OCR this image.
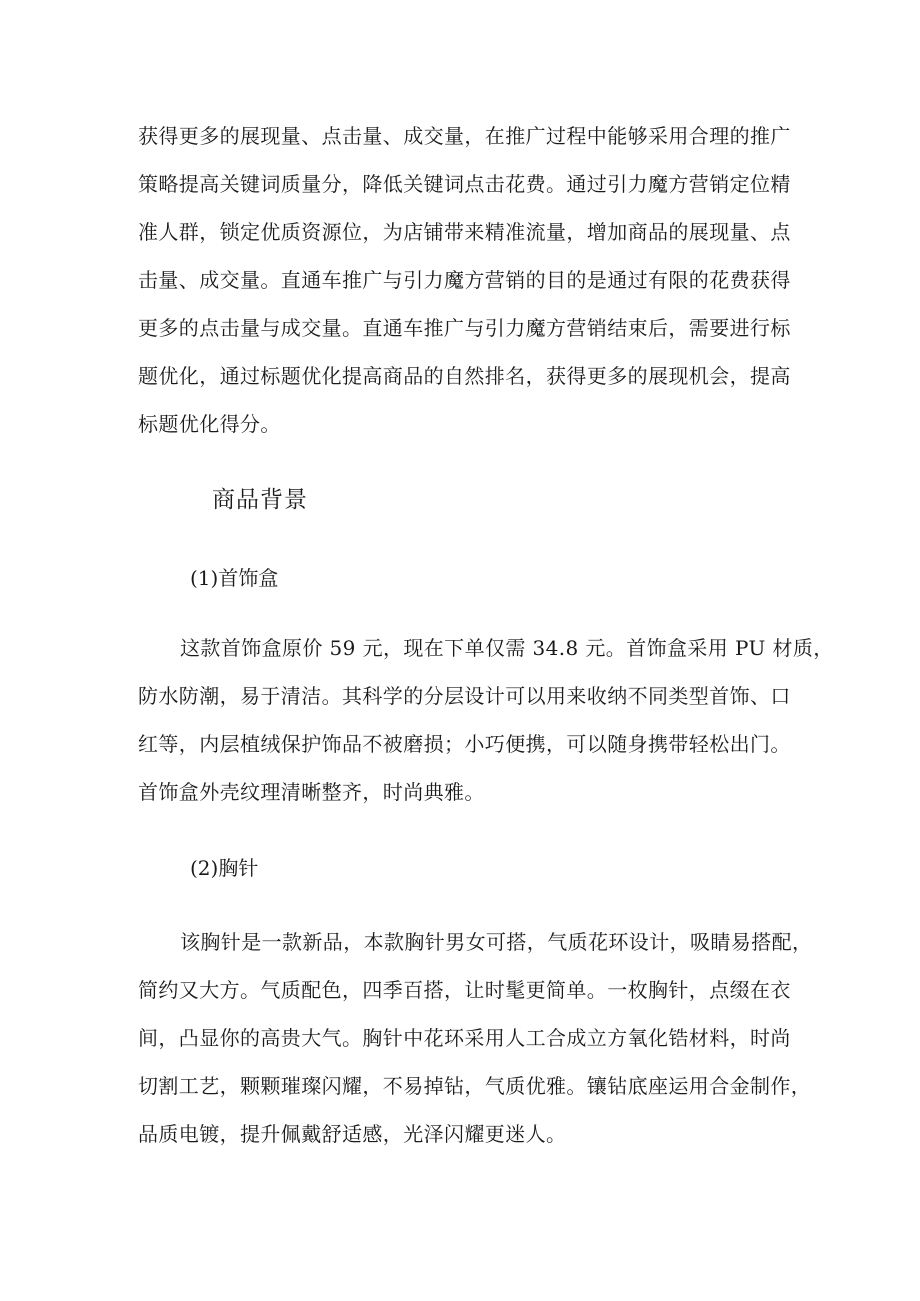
获得更多的展现量、点击量、成交量，在推广过程中能够采用合理的推广
策略提高关键词质量分，降低关键词点击花费。通过引力魔方营销定位精
准人群，锁定优质资源位，为店铺带来精准流量，增加商品的展现量、点
击量、成交量。直通车推广与引力魔方营销的目的是通过有限的花费获得
更多的点击量与成交量。直通车推广与引力魔方营销结束后，需要进行标
题优化，通过标题优化提高商品的自然排名，获得更多的展现机会，提高
标题优化得分。
商品背景
(1)首饰盒
这款首饰盒原价 59 元，现在下单仅需 34.8 元。首饰盒采用 PU 材质，
防水防潮，易于清洁。其科学的分层设计可以用来收纳不同类型首饰、口
红等，内层植绒保护饰品不被磨损；小巧便携，可以随身携带轻松出门。
首饰盒外壳纹理清晰整齐，时尚典雅。
(2)胸针
该胸针是一款新品，本款胸针男女可搭，气质花环设计，吸睛易搭配，
简约又大方。气质配色，四季百搭，让时髦更简单。一枚胸针，点缀在衣
间，凸显你的高贵大气。胸针中花环采用人工合成立方氧化锆材料，时尚
切割工艺，颗颗璀璨闪耀，不易掉钻，气质优雅。镶钻底座运用合金制作，
品质电镀，提升佩戴舒适感，光泽闪耀更迷人。
